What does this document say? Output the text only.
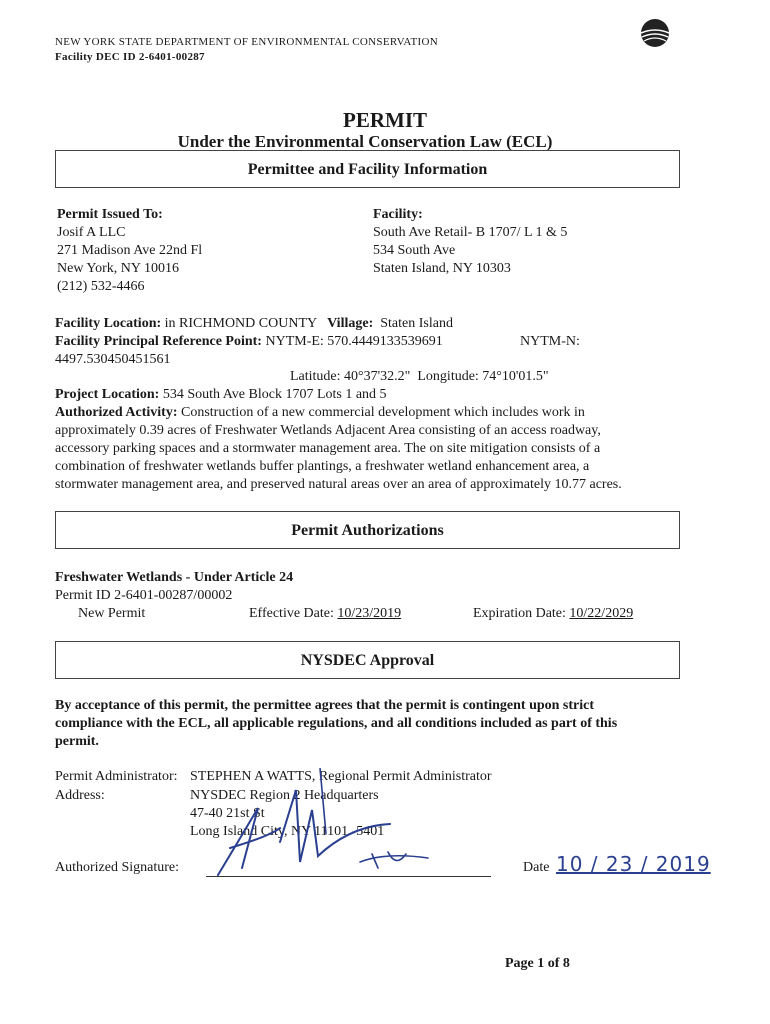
NEW YORK STATE DEPARTMENT OF ENVIRONMENTAL CONSERVATION
Facility DEC ID 2-6401-00287
PERMIT
Under the Environmental Conservation Law (ECL)
Permittee and Facility Information
Permit Issued To:
Josif A LLC
271 Madison Ave 22nd Fl
New York, NY 10016
(212) 532-4466
Facility:
South Ave Retail- B 1707/ L 1 & 5
534 South Ave
Staten Island, NY 10303
Facility Location: in RICHMOND COUNTY Village: Staten Island
Facility Principal Reference Point: NYTM-E: 570.4449133539691	NYTM-N:
4497.530450451561
Latitude: 40°37'32.2" Longitude: 74°10'01.5"
Project Location: 534 South Ave Block 1707 Lots 1 and 5
Authorized Activity: Construction of a new commercial development which includes work in
approximately 0.39 acres of Freshwater Wetlands Adjacent Area consisting of an access roadway,
accessory parking spaces and a stormwater management area. The on site mitigation consists of a
combination of freshwater wetlands buffer plantings, a freshwater wetland enhancement area, a
stormwater management area, and preserved natural areas over an area of approximately 10.77 acres.
Permit Authorizations
Freshwater Wetlands - Under Article 24
Permit ID 2-6401-00287/00002
New Permit	Effective Date: 10/23/2019	Expiration Date: 10/22/2029
NYSDEC Approval
By acceptance of this permit, the permittee agrees that the permit is contingent upon strict
compliance with the ECL, all applicable regulations, and all conditions included as part of this
permit.
Permit Administrator: STEPHEN A WATTS, Regional Permit Administrator
Address:	NYSDEC Region 2 Headquarters
47-40 21st St
Long Island City, NY 11101 -5401
Authorized Signature:	Date 10 / 23 / 2019
Page 1 of 8
